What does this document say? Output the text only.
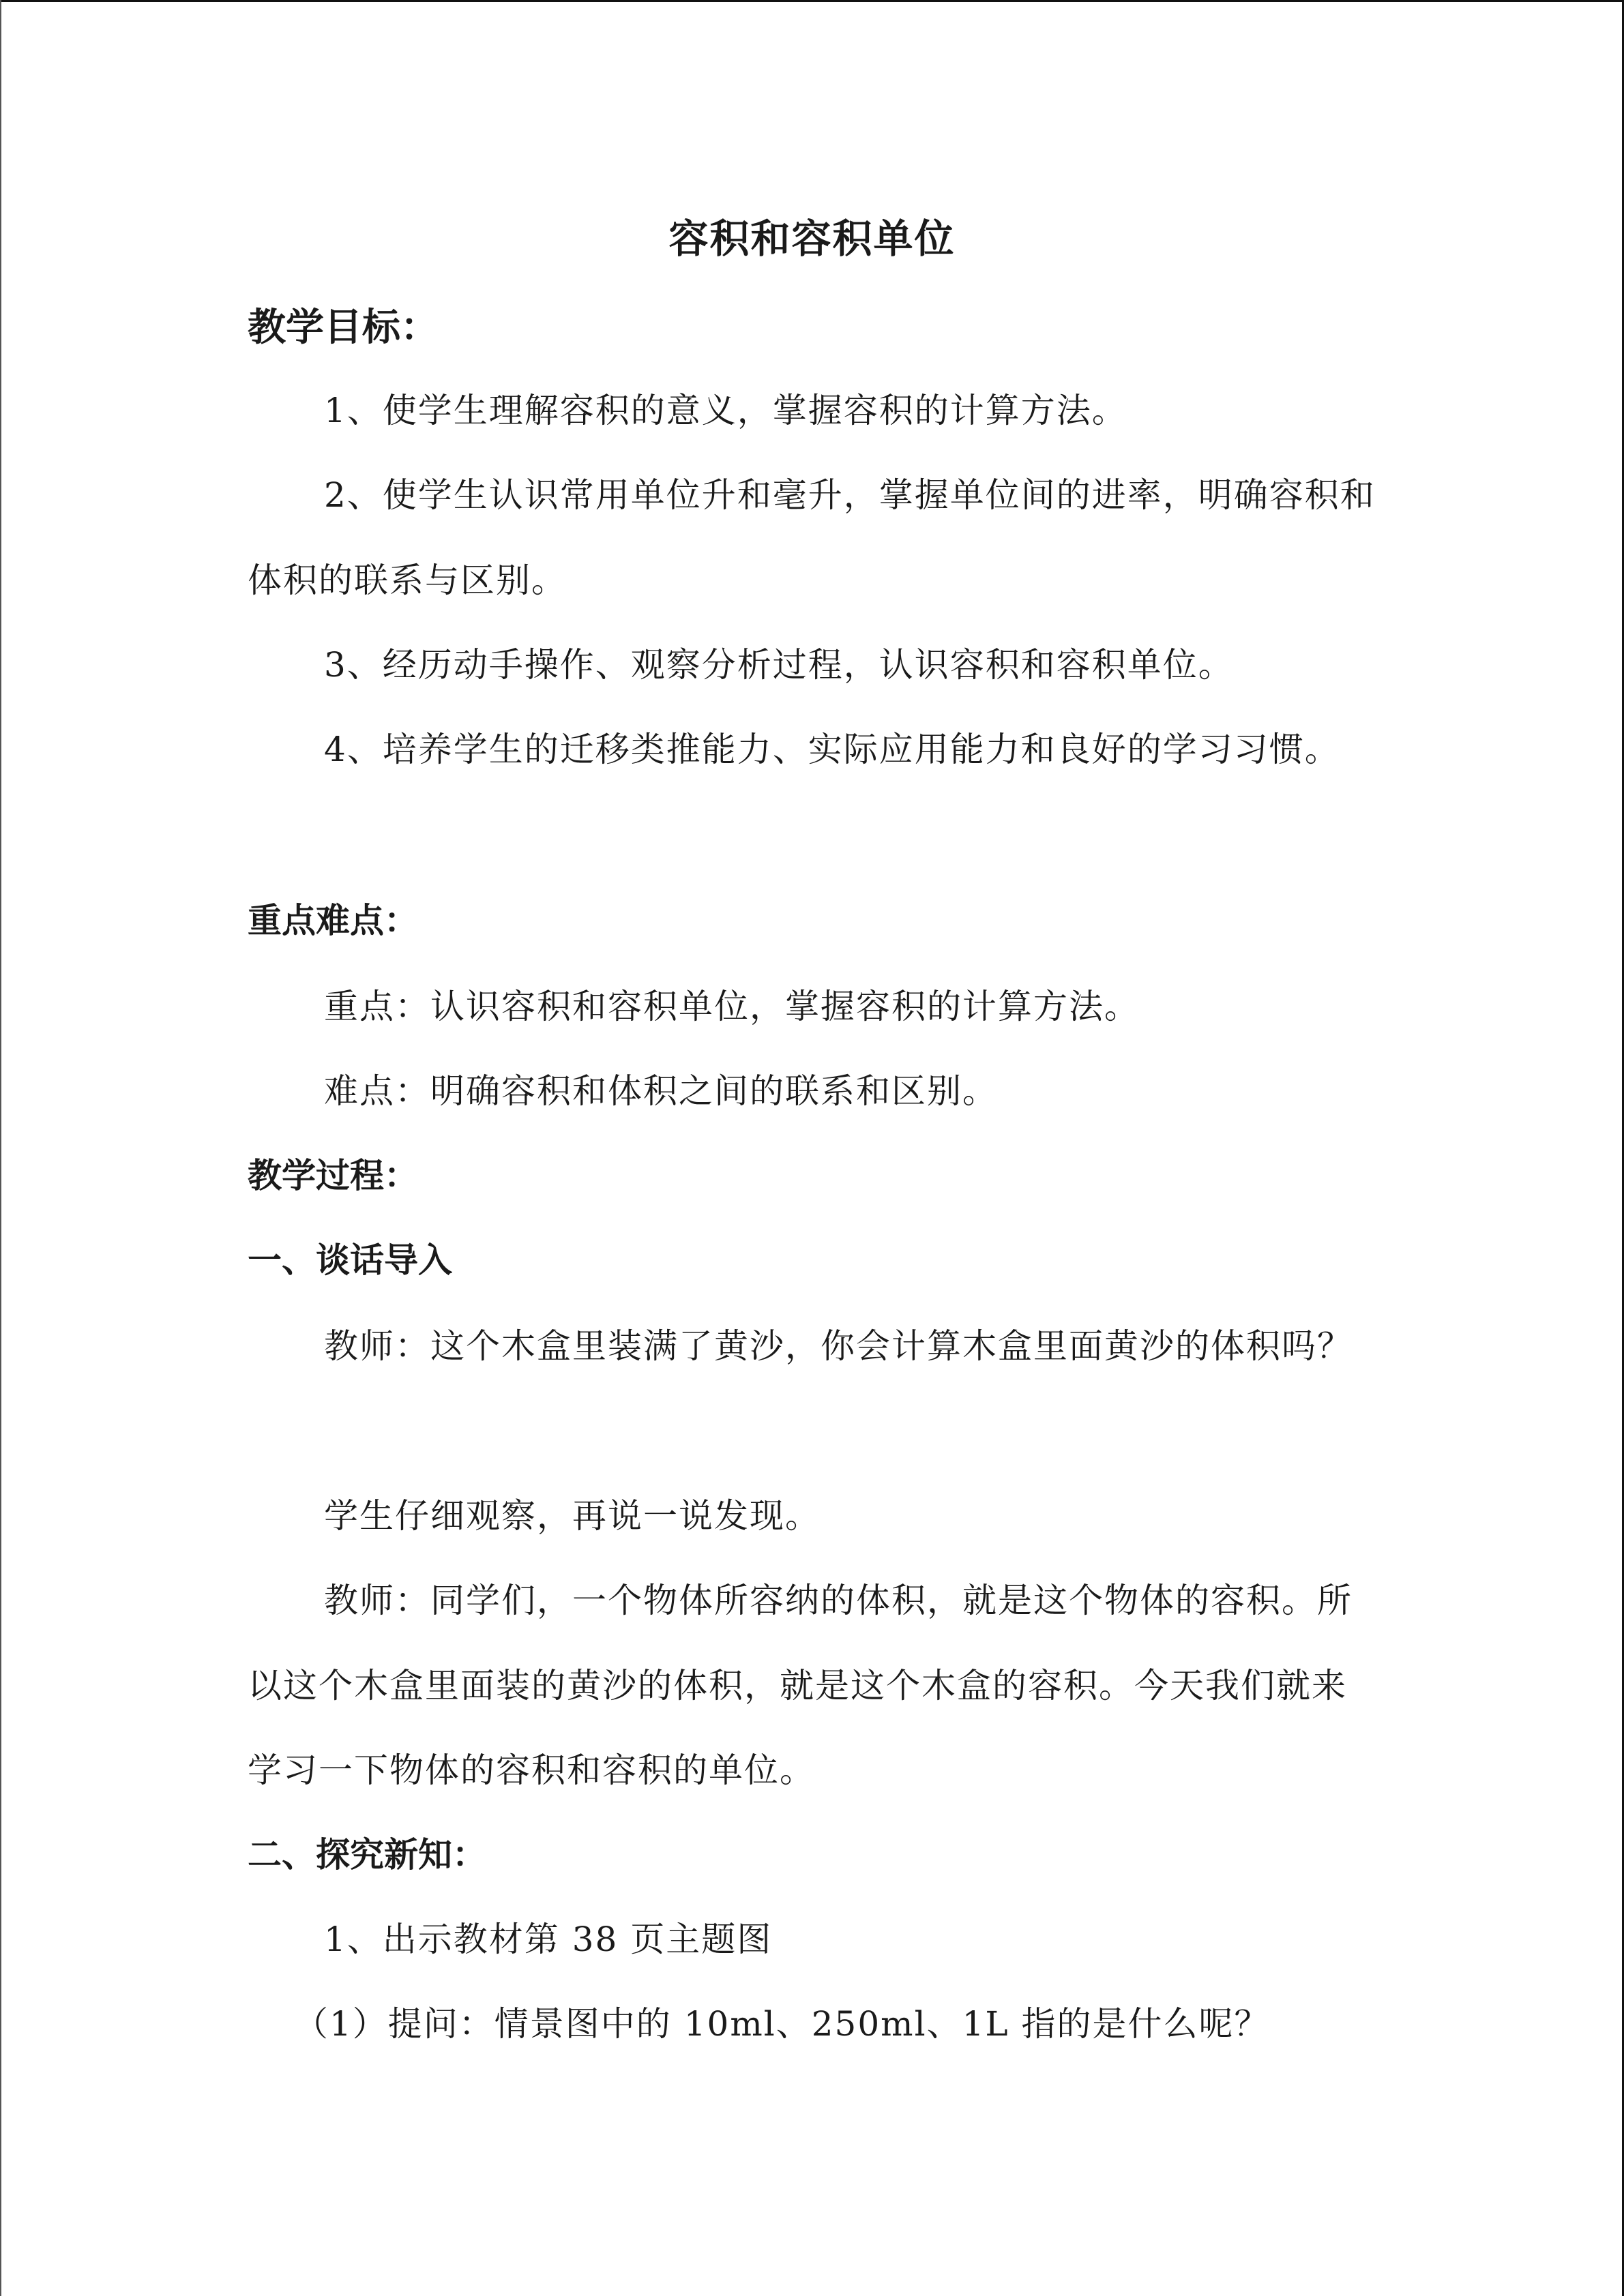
容积和容积单位
教学目标：

1、使学生理解容积的意义，掌握容积的计算方法。

2、使学生认识常用单位升和毫升，掌握单位间的进率，明确容积和体积的联系与区别。

3、经历动手操作、观察分析过程，认识容积和容积单位。

4、培养学生的迁移类推能力、实际应用能力和良好的学习习惯。

重点难点：

重点：认识容积和容积单位，掌握容积的计算方法。

难点：明确容积和体积之间的联系和区别。

教学过程：
一、谈话导入

教师：这个木盒里装满了黄沙，你会计算木盒里面黄沙的体积吗？

学生仔细观察，再说一说发现。

教师：同学们，一个物体所容纳的体积，就是这个物体的容积。所以这个木盒里面装的黄沙的体积，就是这个木盒的容积。今天我们就来学习一下物体的容积和容积的单位。

二、探究新知：

1、出示教材第 38 页主题图

（1）提问：情景图中的 10ml、250ml、1L 指的是什么呢？
